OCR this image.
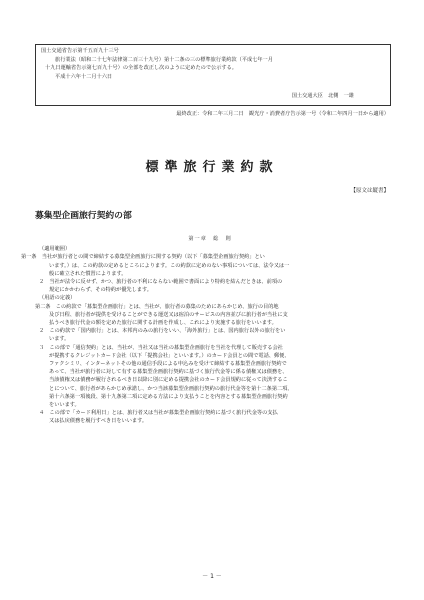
国土交通省告示第千五百九十三号
旅行業法（昭和二十七年法律第二百三十九号）第十二条の三の標準旅行業約款（平成七年一月
十九日運輸省告示第七百九十号）の全部を改正し次のように定めたので公示する。
平成十六年十二月十六日
国土交通大臣　北側　一雄
最終改正：令和二年三月二日　観光庁・消費者庁告示第一号（令和二年四月一日から適用）
標準旅行業約款
【原文は縦書】
募集型企画旅行契約の部
第一章　総　則
（適用範囲）
第一条　当社が旅行者との間で締結する募集型企画旅行に関する契約（以下「募集型企画旅行契約」とい
います。）は、この約款の定めるところによります。この約款に定めのない事項については、法令又は一
般に確立された慣習によります。
２　当社が法令に反せず、かつ、旅行者の不利にならない範囲で書面により特約を結んだときは、前項の
規定にかかわらず、その特約が優先します。
（用語の定義）
第二条　この約款で「募集型企画旅行」とは、当社が、旅行者の募集のためにあらかじめ、旅行の目的地
及び日程、旅行者が提供を受けることができる運送又は宿泊のサービスの内容並びに旅行者が当社に支
払うべき旅行代金の額を定めた旅行に関する計画を作成し、これにより実施する旅行をいいます。
２　この約款で「国内旅行」とは、本邦内のみの旅行をいい、「海外旅行」とは、国内旅行以外の旅行をい
います。
３　この部で「通信契約」とは、当社が、当社又は当社の募集型企画旅行を当社を代理して販売する会社
が提携するクレジットカード会社（以下「提携会社」といいます。）のカード会員との間で電話、郵便、
ファクシミリ、インターネットその他の通信手段による申込みを受けて締結する募集型企画旅行契約で
あって、当社が旅行者に対して有する募集型企画旅行契約に基づく旅行代金等に係る債権又は債務を、
当該債権又は債務が履行されるべき日以降に別に定める提携会社のカード会員規約に従って決済するこ
とについて、旅行者があらかじめ承諾し、かつ当該募集型企画旅行契約の旅行代金等を第十二条第二項、
第十六条第一項後段、第十九条第二項に定める方法により支払うことを内容とする募集型企画旅行契約
をいいます。
４　この部で「カード利用日」とは、旅行者又は当社が募集型企画旅行契約に基づく旅行代金等の支払
又は払戻債務を履行すべき日をいいます。
－ 1 －
